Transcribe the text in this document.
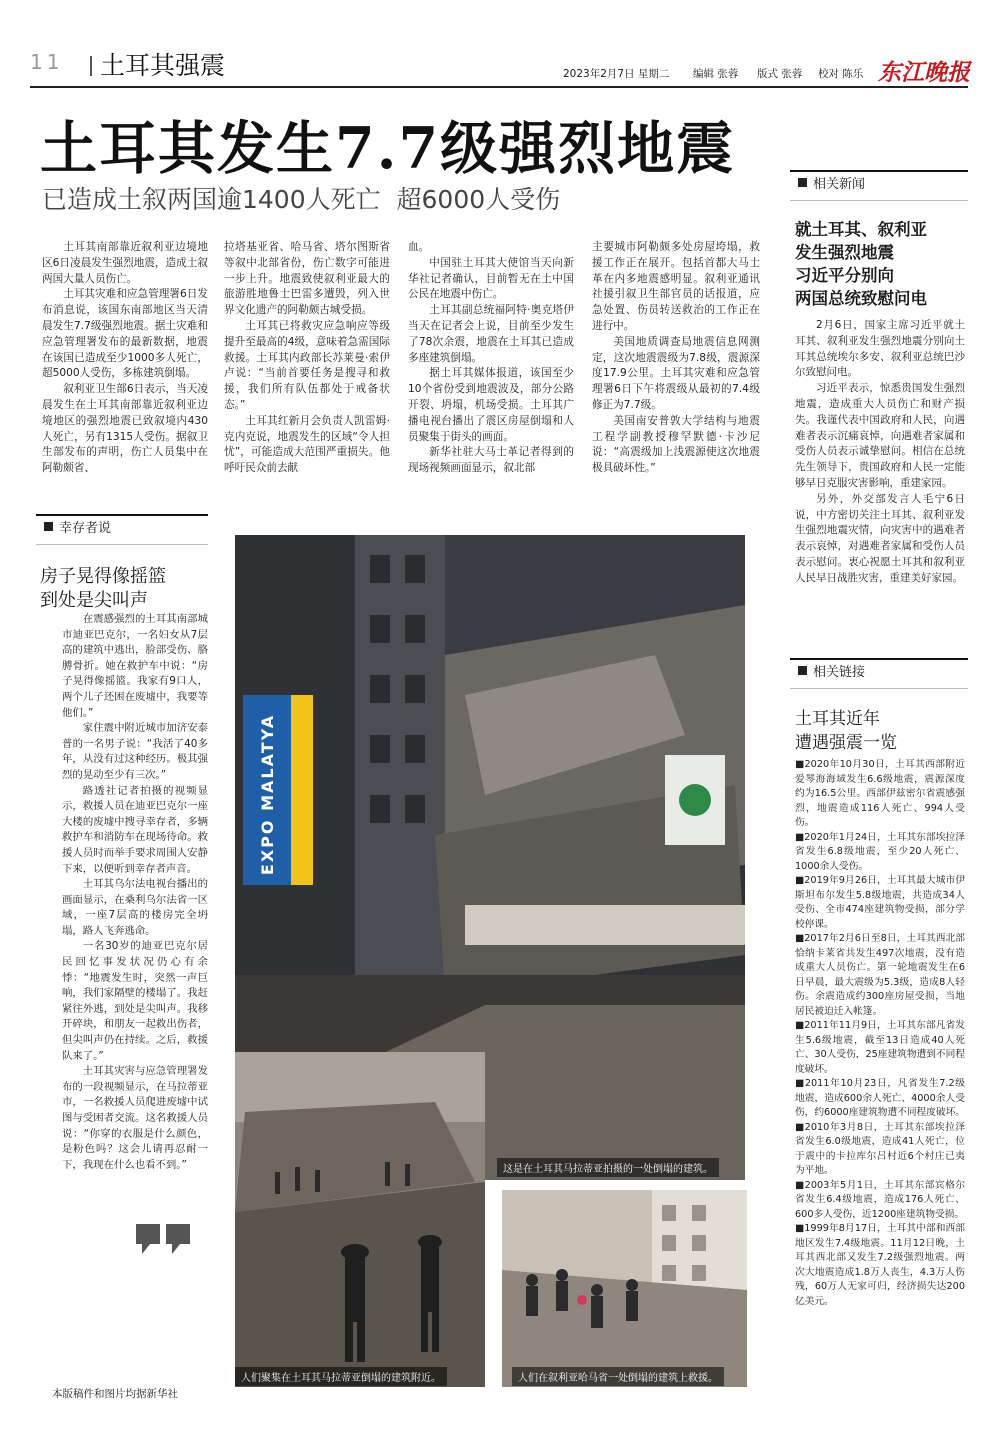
11 土耳其强震	2023年2月7日 星期二 编辑 张蓉 版式 张蓉 校对 陈乐 东江晚报
土耳其发生7.7级强烈地震
已造成土叙两国逾1400人死亡  超6000人受伤

土耳其南部靠近叙利亚边境地区6日凌晨发生强烈地震，造成土叙两国大量人员伤亡。

土耳其灾难和应急管理署6日发布消息说，该国东南部地区当天清晨发生7.7级强烈地震。据土灾难和应急管理署发布的最新数据，地震在该国已造成至少1000多人死亡，超5000人受伤，多栋建筑倒塌。

叙利亚卫生部6日表示，当天凌晨发生在土耳其南部靠近叙利亚边境地区的强烈地震已致叙境内430人死亡，另有1315人受伤。据叙卫生部发布的声明，伤亡人员集中在阿勒颇省、

拉塔基亚省、哈马省、塔尔图斯省等叙中北部省份，伤亡数字可能进一步上升。地震致使叙利亚最大的旅游胜地鲁士巴雷多遭毁，列入世界文化遗产的阿勒颇古城受损。

土耳其已将救灾应急响应等级提升至最高的4级，意味着急需国际救援。土耳其内政部长苏莱曼·索伊卢说：“当前首要任务是搜寻和救援，我们所有队伍都处于戒备状态。”

土耳其红新月会负责人凯雷姆·克内克说，地震发生的区域“令人担忧”，可能造成大范围严重损失。他呼吁民众前去献

血。

中国驻土耳其大使馆当天向新华社记者确认，目前暂无在土中国公民在地震中伤亡。

土耳其副总统福阿特·奥克塔伊当天在记者会上说，目前至少发生了78次余震，地震在土耳其已造成多座建筑倒塌。

据土耳其媒体报道，该国至少10个省份受到地震波及，部分公路开裂、坍塌，机场受损。土耳其广播电视台播出了震区房屋倒塌和人员聚集于街头的画面。

新华社驻大马士革记者得到的现场视频画面显示，叙北部

主要城市阿勒颇多处房屋垮塌，救援工作正在展开。包括首都大马士革在内多地震感明显。叙利亚通讯社援引叙卫生部官员的话报道，应急处置、伤员转送救治的工作正在进行中。

美国地质调查局地震信息网测定，这次地震震级为7.8级，震源深度17.9公里。土耳其灾难和应急管理署6日下午将震级从最初的7.4级修正为7.7级。

美国南安普敦大学结构与地震工程学副教授穆罕默德·卡沙尼说：“高震级加上浅震源使这次地震极具破坏性。”

幸存者说
房子晃得像摇篮
到处是尖叫声

在震感强烈的土耳其南部城市迪亚巴克尔，一名妇女从7层高的建筑中逃出，脸部受伤、胳膊骨折。她在救护车中说：“房子晃得像摇篮。我家有9口人，两个儿子还困在废墟中，我要等他们。”

家住震中附近城市加济安泰普的一名男子说：“我活了40多年，从没有过这种经历。极其强烈的晃动至少有三次。”

路透社记者拍摄的视频显示，救援人员在迪亚巴克尔一座大楼的废墟中搜寻幸存者，多辆救护车和消防车在现场待命。救援人员时而举手要求周围人安静下来，以便听到幸存者声音。

土耳其乌尔法电视台播出的画面显示，在桑利乌尔法省一区域，一座7层高的楼房完全坍塌，路人飞奔逃命。

一名30岁的迪亚巴克尔居民回忆事发状况仍心有余悸：“地震发生时，突然一声巨响，我们家隔壁的楼塌了。我赶紧往外逃，到处是尖叫声。我移开碎块，和朋友一起救出伤者，但尖叫声仍在持续。之后，救援队来了。”

土耳其灾害与应急管理署发布的一段视频显示，在马拉蒂亚市，一名救援人员爬进废墟中试图与受困者交流。这名救援人员说：“你穿的衣服是什么颜色，是粉色吗？这会儿请再忍耐一下，我现在什么也看不到。”

EXPO MALATYA
这是在土耳其马拉蒂亚拍摄的一处倒塌的建筑。
人们聚集在土耳其马拉蒂亚倒塌的建筑附近。	人们在叙利亚哈马省一处倒塌的建筑上救援。
相关新闻
就土耳其、叙利亚
发生强烈地震
习近平分别向
两国总统致慰问电

2月6日，国家主席习近平就土耳其、叙利亚发生强烈地震分别向土耳其总统埃尔多安、叙利亚总统巴沙尔致慰问电。

习近平表示，惊悉贵国发生强烈地震，造成重大人员伤亡和财产损失。我谨代表中国政府和人民，向遇难者表示沉痛哀悼，向遇难者家属和受伤人员表示诚挚慰问。相信在总统先生领导下，贵国政府和人民一定能够早日克服灾害影响，重建家园。

另外，外交部发言人毛宁6日说，中方密切关注土耳其、叙利亚发生强烈地震灾情，向灾害中的遇难者表示哀悼，对遇难者家属和受伤人员表示慰问。衷心祝愿土耳其和叙利亚人民早日战胜灾害，重建美好家园。

相关链接
土耳其近年
遭遇强震一览

■2020年10月30日，土耳其西部附近爱琴海海域发生6.6级地震，震源深度约为16.5公里。西部伊兹密尔省震感强烈，地震造成116人死亡、994人受伤。

■2020年1月24日，土耳其东部埃拉泽省发生6.8级地震，至少20人死亡、1000余人受伤。

■2019年9月26日，土耳其最大城市伊斯坦布尔发生5.8级地震，共造成34人受伤、全市474座建筑物受损，部分学校停课。

■2017年2月6日至8日，土耳其西北部恰纳卡莱省共发生497次地震，没有造成重大人员伤亡。第一轮地震发生在6日早晨，最大震级为5.3级，造成8人轻伤。余震造成约300座房屋受损，当地居民被迫迁入帐篷。

■2011年11月9日，土耳其东部凡省发生5.6级地震，截至13日造成40人死亡、30人受伤，25座建筑物遭到不同程度破坏。

■2011年10月23日，凡省发生7.2级地震，造成600余人死亡、4000余人受伤，约6000座建筑物遭不同程度破坏。

■2010年3月8日，土耳其东部埃拉泽省发生6.0级地震，造成41人死亡，位于震中的卡拉库尔吕村近6个村庄已夷为平地。

■2003年5月1日，土耳其东部宾格尔省发生6.4级地震，造成176人死亡、600多人受伤，近1200座建筑物受损。

■1999年8月17日，土耳其中部和西部地区发生7.4级地震。11月12日晚，土耳其西北部又发生7.2级强烈地震。两次大地震造成1.8万人丧生，4.3万人伤残，60万人无家可归，经济损失达200亿美元。

本版稿件和图片均据新华社
